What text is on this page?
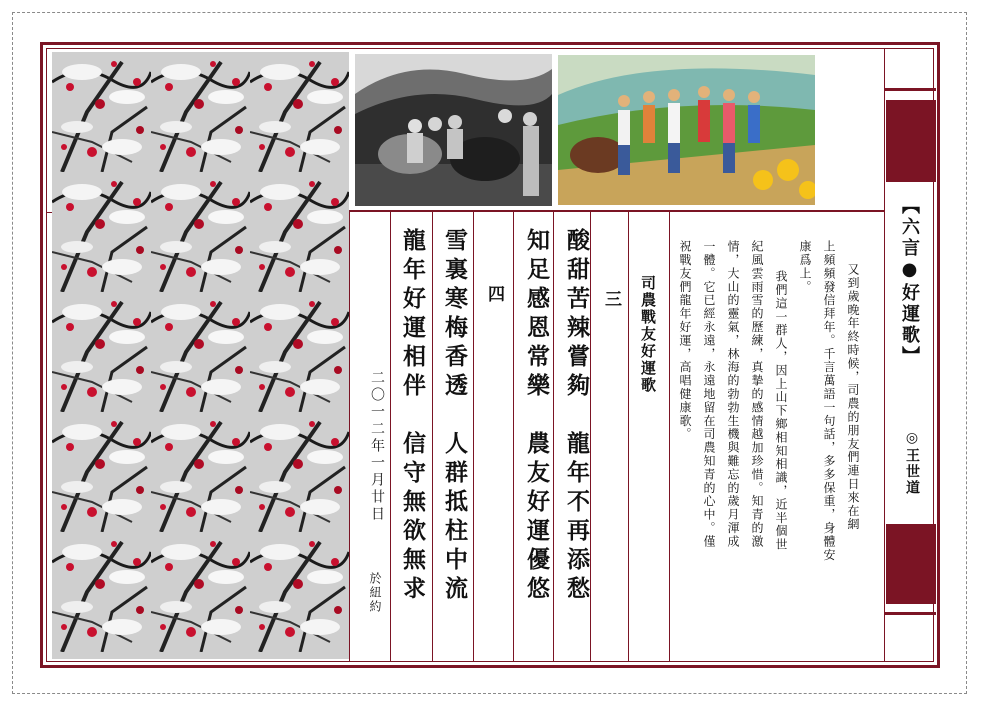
【六言●好運歌】
◎王世道
又到歲晚年終時候，司農的朋友們連日來在網
上頻頻發信拜年。千言萬語一句話，多多保重，身體安
康爲上。
我們這一群人，因上山下鄉相知相識，近半個世
紀風雲雨雪的歷練，真摯的感情越加珍惜。知青的激
情，大山的靈氣，林海的勃勃生機與難忘的歲月渾成
一體。它已經永遠，永遠地留在司農知青的心中。僅
祝戰友們龍年好運，高唱健康歌。
司農戰友好運歌
三
酸甜苦辣嘗夠　龍年不再添愁
知足感恩常樂　農友好運優悠
四
雪裏寒梅香透　人群抵柱中流
龍年好運相伴　信守無欲無求
二〇一二年一月廿日
於紐約
